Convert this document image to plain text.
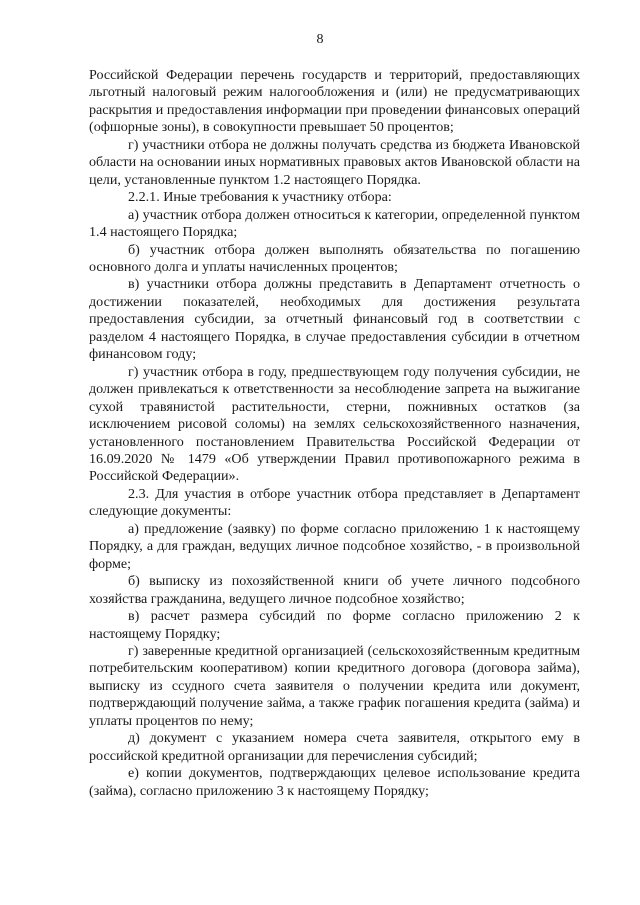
8

Российской Федерации перечень государств и территорий, предоставляющих льготный налоговый режим налогообложения и (или) не предусматривающих раскрытия и предоставления информации при проведении финансовых операций (офшорные зоны), в совокупности превышает 50 процентов;

г) участники отбора не должны получать средства из бюджета Ивановской области на основании иных нормативных правовых актов Ивановской области на цели, установленные пунктом 1.2 настоящего Порядка.

2.2.1. Иные требования к участнику отбора:

а) участник отбора должен относиться к категории, определенной пунктом 1.4 настоящего Порядка;

б) участник отбора должен выполнять обязательства по погашению основного долга и уплаты начисленных процентов;

в) участники отбора должны представить в Департамент отчетность о достижении показателей, необходимых для достижения результата предоставления субсидии, за отчетный финансовый год в соответствии с разделом 4 настоящего Порядка, в случае предоставления субсидии в отчетном финансовом году;

г) участник отбора в году, предшествующем году получения субсидии, не должен привлекаться к ответственности за несоблюдение запрета на выжигание сухой травянистой растительности, стерни, пожнивных остатков (за исключением рисовой соломы) на землях сельскохозяйственного назначения, установленного постановлением Правительства Российской Федерации от 16.09.2020 № 1479 «Об утверждении Правил противопожарного режима в Российской Федерации».

2.3. Для участия в отборе участник отбора представляет в Департамент следующие документы:

а) предложение (заявку) по форме согласно приложению 1 к настоящему Порядку, а для граждан, ведущих личное подсобное хозяйство, - в произвольной форме;

б) выписку из похозяйственной книги об учете личного подсобного хозяйства гражданина, ведущего личное подсобное хозяйство;

в) расчет размера субсидий по форме согласно приложению 2 к настоящему Порядку;

г) заверенные кредитной организацией (сельскохозяйственным кредитным потребительским кооперативом) копии кредитного договора (договора займа), выписку из ссудного счета заявителя о получении кредита или документ, подтверждающий получение займа, а также график погашения кредита (займа) и уплаты процентов по нему;

д) документ с указанием номера счета заявителя, открытого ему в российской кредитной организации для перечисления субсидий;

е) копии документов, подтверждающих целевое использование кредита (займа), согласно приложению 3 к настоящему Порядку;
